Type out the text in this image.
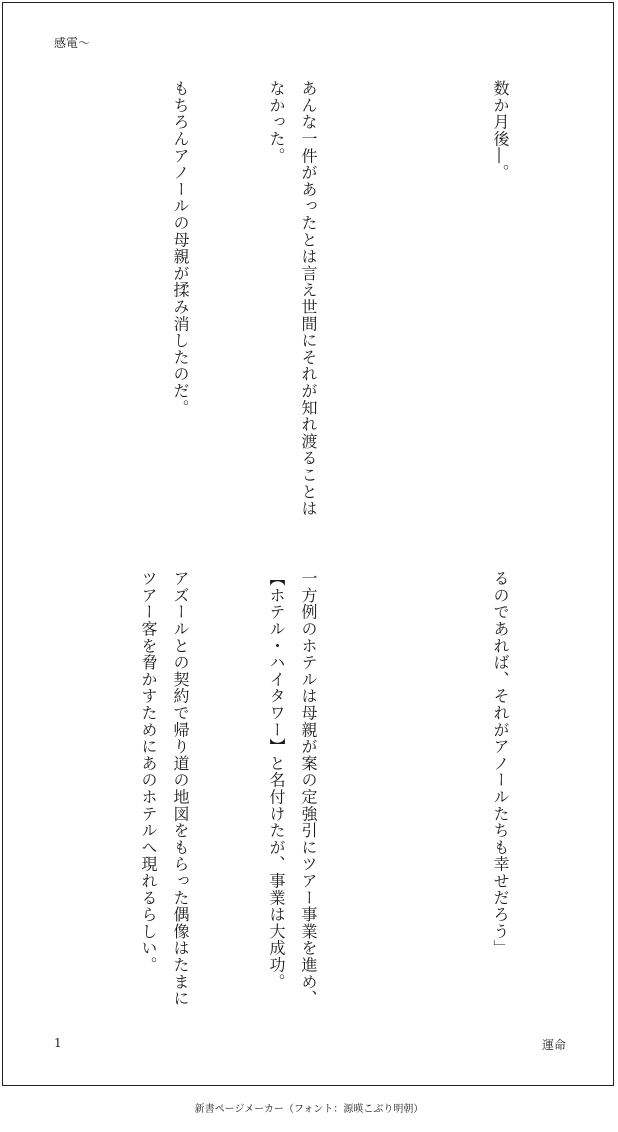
感電〜

数か月後―。

あんな一件があったとは言え世間にそれが知れ渡ることはなかった。

もちろんアノールの母親が揉み消したのだ。

るのであれば、それがアノールたちも幸せだろう」

一方例のホテルは母親が案の定強引にツアー事業を進め、【ホテル・ハイタワー】と名付けたが、事業は大成功。

アズールとの契約で帰り道の地図をもらった偶像はたまにツアー客を脅かすためにあのホテルへ現れるらしい。

1	運命
新書ページメーカー（フォント：源暎こぶり明朝）
